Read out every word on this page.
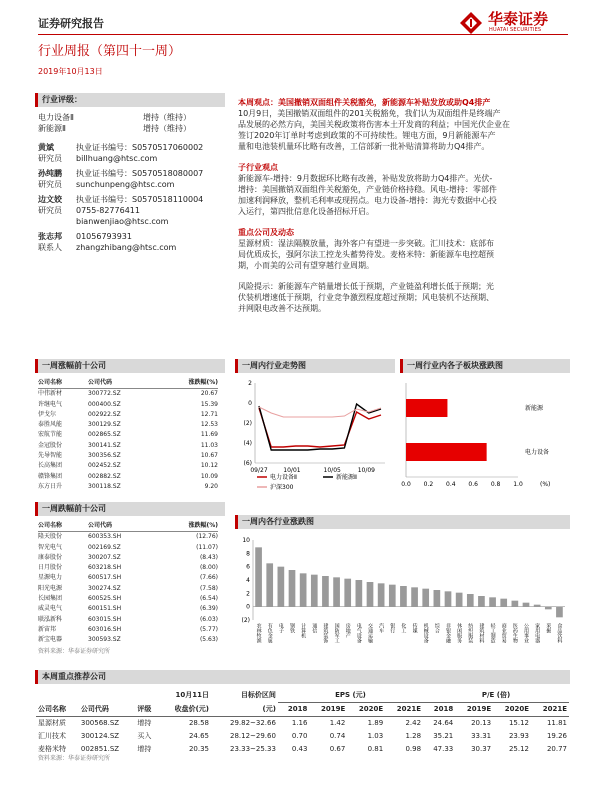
证券研究报告	华泰证券
HUATAI SECURITIES
行业周报（第四十一周）
2019年10月13日
行业评级：
电力设备Ⅱ	增持（维持）
新能源Ⅱ	增持（维持）
黄斌
研究员
执业证书编号：S0570517060002
billhuang@htsc.com
孙纯鹏
研究员
执业证书编号：S0570518080007
sunchunpeng@htsc.com
边文姣
研究员
执业证书编号：S0570518110004
0755-82776411
bianwenjiao@htsc.com
张志邦
联系人
01056793931
zhangzhibang@htsc.com
本周观点：美国撤销双面组件关税豁免，新能源车补贴发放或助Q4排产
10月9日，美国撤销双面组件的201关税豁免，我们认为双面组件是终端产
品发展的必然方向，美国关税政策将伤害本土开发商的利益；中国光伏企业在
签订2020年订单时考虑到政策的不可持续性。锂电方面，9月新能源车产
量和电池装机量环比略有改善，工信部新一批补贴清算将助力Q4排产。
子行业观点
新能源车-增持：9月数据环比略有改善，补贴发放将助力Q4排产。光伏-
增持：美国撤销双面组件关税豁免，产业链价格持稳。风电-增持：零部件
加速利润释放，整机毛利率或现拐点。电力设备-增持：海光专数据中心投
入运行，第四批信息化设备招标开启。
重点公司及动态
星源材质：湿法隔膜放量，海外客户有望进一步突破。汇川技术：底部布
局优质成长，强阿尔法工控龙头蓄势待发。麦格米特：新能源车电控超预
期，小而美的公司有望穿越行业周期。
风险提示：新能源车产销量增长低于预期，产业链盈利增长低于预期；光
伏装机增速低于预期，行业竞争激烈程度超过预期；风电装机不达预期、
并网限电改善不达预期。
一周涨幅前十公司
公司名称	公司代码	涨跌幅(%)
中伟新材	300772.SZ	20.67
许继电气	000400.SZ	15.39
伊戈尔	002922.SZ	12.71
泰胜风能	300129.SZ	12.53
宏航节能	002865.SZ	11.69
金冠股份	300141.SZ	11.03
先导智能	300356.SZ	10.67
长高集团	002452.SZ	10.12
赣锋集团	002882.SZ	10.09
东方日升	300118.SZ	9.20
一周跌幅前十公司
公司名称	公司代码	涨跌幅(%)
隆天股份	600353.SH	(12.76)
智光电气	002169.SZ	(11.07)
康泰股份	300207.SZ	(8.43)
日月股份	603218.SH	(8.00)
星源电力	600517.SH	(7.66)
阳光电源	300274.SZ	(7.58)
长园集团	600525.SH	(6.54)
威灵电气	600151.SH	(6.39)
联泓新科	603015.SH	(6.03)
新宙邦	603016.SH	(5.77)
新宝电器	300593.SZ	(5.63)
资料来源：华泰证券研究所
一周内行业走势图
(6)
(4)
(2)
0
2
09/27	10/01	10/05	10/09
电力设备Ⅱ	新能源Ⅱ
沪深300
一周行业内各子板块涨跌图
新能源
电力设备
0.0 0.2 0.4 0.6 0.8 1.0	(%)
一周内各行业涨跌图
(2)
0
2
4
6
8
10
农林牧渔 有色金属 电子 钢铁 计算机 通信 建筑装饰 国防军工 房地产 电气设备 交通运输 汽车 银行 化工 传媒 机械设备 综合 非银金融 休闲服务 纺织服装 建筑材料 轻工制造 商业贸易 医药生物 公用事业 家用电器 采掘 食品饮料
本周重点推荐公司
			10月11日	目标价区间	EPS (元)				P/E (倍)			
公司名称	公司代码	评级	收盘价(元)	(元)	2018	2019E	2020E	2021E	2018	2019E	2020E	2021E
星源材质	300568.SZ	增持	28.58	29.82~32.66	1.16	1.42	1.89	2.42	24.64	20.13	15.12	11.81
汇川技术	300124.SZ	买入	24.65	28.12~29.60	0.70	0.74	1.03	1.28	35.21	33.31	23.93	19.26
麦格米特	002851.SZ	增持	20.35	23.33~25.33	0.43	0.67	0.81	0.98	47.33	30.37	25.12	20.77
资料来源：华泰证券研究所
